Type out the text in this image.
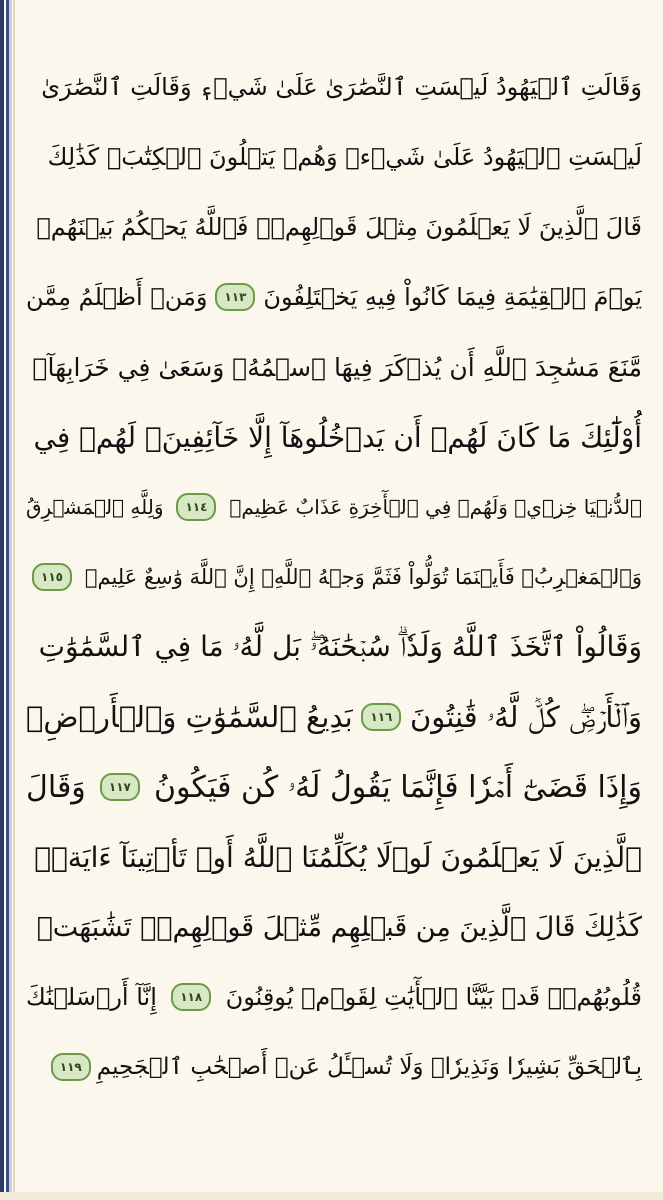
وَقَالَتِ ٱلۡيَهُودُ لَيۡسَتِ ٱلنَّصَٰرَىٰ عَلَىٰ شَيۡءٖ وَقَالَتِ ٱلنَّصَٰرَىٰ
لَيۡسَتِ ٱلۡيَهُودُ عَلَىٰ شَيۡءٖ وَهُمۡ يَتۡلُونَ ٱلۡكِتَٰبَۗ كَذَٰلِكَ
قَالَ ٱلَّذِينَ لَا يَعۡلَمُونَ مِثۡلَ قَوۡلِهِمۡۚ فَٱللَّهُ يَحۡكُمُ بَيۡنَهُمۡ
يَوۡمَ ٱلۡقِيَٰمَةِ فِيمَا كَانُواْ فِيهِ يَخۡتَلِفُونَ
١١٣
وَمَنۡ أَظۡلَمُ مِمَّن
مَّنَعَ مَسَٰجِدَ ٱللَّهِ أَن يُذۡكَرَ فِيهَا ٱسۡمُهُۥ وَسَعَىٰ فِي خَرَابِهَآۚ
أُوْلَٰٓئِكَ مَا كَانَ لَهُمۡ أَن يَدۡخُلُوهَآ إِلَّا خَآئِفِينَۚ لَهُمۡ فِي
ٱلدُّنۡيَا خِزۡيٞ وَلَهُمۡ فِي ٱلۡأٓخِرَةِ عَذَابٌ عَظِيمٞ
١١٤
وَلِلَّهِ ٱلۡمَشۡرِقُ
وَٱلۡمَغۡرِبُۚ فَأَيۡنَمَا تُوَلُّواْ فَثَمَّ وَجۡهُ ٱللَّهِۚ إِنَّ ٱللَّهَ وَٰسِعٌ عَلِيمٞ
١١٥
وَقَالُواْ ٱتَّخَذَ ٱللَّهُ وَلَدٗاۗ سُبۡحَٰنَهُۥۖ بَل لَّهُۥ مَا فِي ٱلسَّمَٰوَٰتِ
وَٱلۡأَرۡضِۖ كُلّٞ لَّهُۥ قَٰنِتُونَ
١١٦
بَدِيعُ ٱلسَّمَٰوَٰتِ وَٱلۡأَرۡضِۖ
وَإِذَا قَضَىٰٓ أَمۡرٗا فَإِنَّمَا يَقُولُ لَهُۥ كُن فَيَكُونُ
١١٧
وَقَالَ
ٱلَّذِينَ لَا يَعۡلَمُونَ لَوۡلَا يُكَلِّمُنَا ٱللَّهُ أَوۡ تَأۡتِينَآ ءَايَةٞۗ
كَذَٰلِكَ قَالَ ٱلَّذِينَ مِن قَبۡلِهِم مِّثۡلَ قَوۡلِهِمۡۘ تَشَٰبَهَتۡ
قُلُوبُهُمۡۗ قَدۡ بَيَّنَّا ٱلۡأٓيَٰتِ لِقَوۡمٖ يُوقِنُونَ
١١٨
إِنَّآ أَرۡسَلۡنَٰكَ
بِٱلۡحَقِّ بَشِيرٗا وَنَذِيرٗاۖ وَلَا تُسۡـَٔلُ عَنۡ أَصۡحَٰبِ ٱلۡجَحِيمِ
١١٩
